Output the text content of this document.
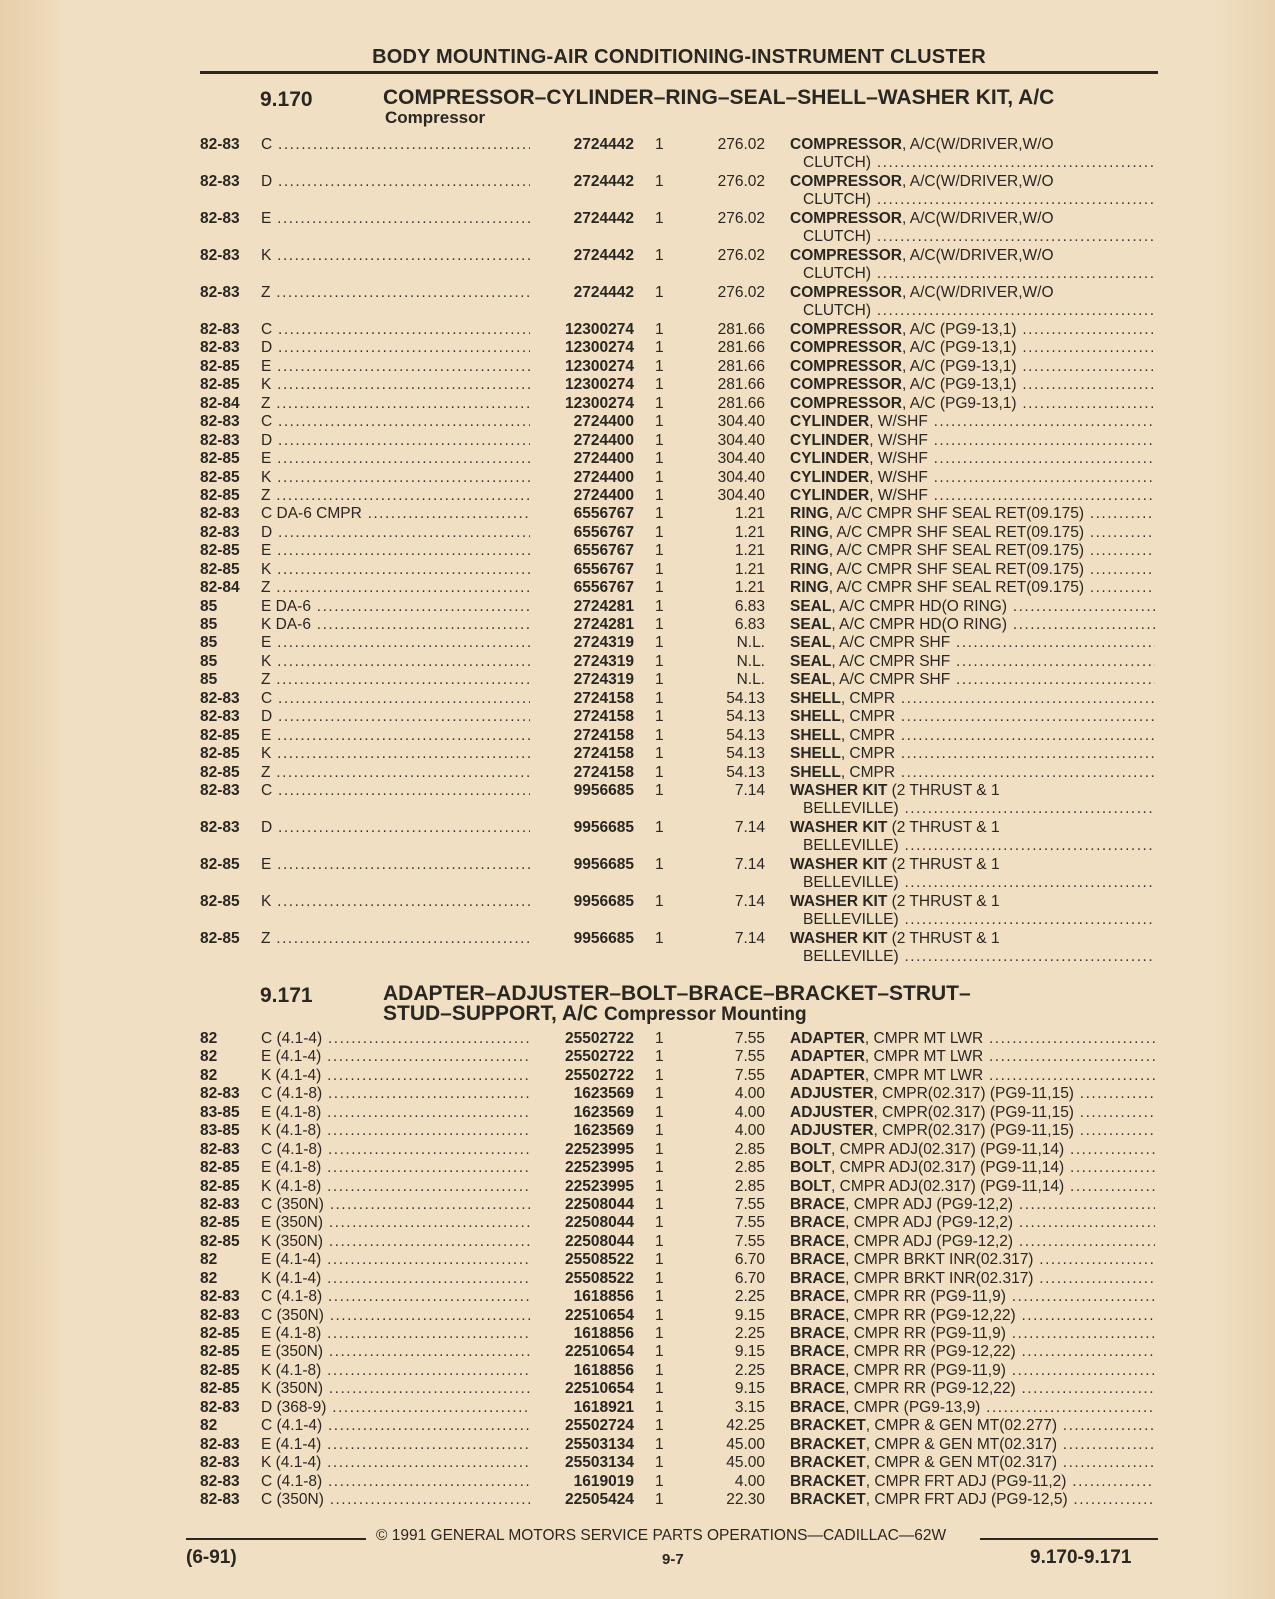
BODY MOUNTING-AIR CONDITIONING-INSTRUMENT CLUSTER
9.170	COMPRESSOR–CYLINDER–RING–SEAL–SHELL–WASHER KIT, A/C
Compressor
82-83 C .....	2724442 1	276.02 COMPRESSOR, A/C(W/DRIVER,W/O
CLUTCH) .....
82-83 D .....	2724442 1	276.02 COMPRESSOR, A/C(W/DRIVER,W/O
CLUTCH) .....
82-83 E .....	2724442 1	276.02 COMPRESSOR, A/C(W/DRIVER,W/O
CLUTCH) .....
82-83 K .....	2724442 1	276.02 COMPRESSOR, A/C(W/DRIVER,W/O
CLUTCH) .....
82-83 Z .....	2724442 1	276.02 COMPRESSOR, A/C(W/DRIVER,W/O
CLUTCH) .....
82-83 C .....	12300274 1	281.66 COMPRESSOR, A/C (PG9-13,1) .....
82-83 D .....	12300274 1	281.66 COMPRESSOR, A/C (PG9-13,1) .....
82-85 E .....	12300274 1	281.66 COMPRESSOR, A/C (PG9-13,1) .....
82-85 K .....	12300274 1	281.66 COMPRESSOR, A/C (PG9-13,1) .....
82-84 Z .....	12300274 1	281.66 COMPRESSOR, A/C (PG9-13,1) .....
82-83 C .....	2724400 1	304.40 CYLINDER, W/SHF .....
82-83 D .....	2724400 1	304.40 CYLINDER, W/SHF .....
82-85 E .....	2724400 1	304.40 CYLINDER, W/SHF .....
82-85 K .....	2724400 1	304.40 CYLINDER, W/SHF .....
82-85 Z .....	2724400 1	304.40 CYLINDER, W/SHF .....
82-83 C DA-6 CMPR .....	6556767 1	1.21 RING, A/C CMPR SHF SEAL RET(09.175) .....
82-83 D .....	6556767 1	1.21 RING, A/C CMPR SHF SEAL RET(09.175) .....
82-85 E .....	6556767 1	1.21 RING, A/C CMPR SHF SEAL RET(09.175) .....
82-85 K .....	6556767 1	1.21 RING, A/C CMPR SHF SEAL RET(09.175) .....
82-84 Z .....	6556767 1	1.21 RING, A/C CMPR SHF SEAL RET(09.175) .....
85	E DA-6 .....	2724281 1	6.83 SEAL, A/C CMPR HD(O RING) .....
85	K DA-6 .....	2724281 1	6.83 SEAL, A/C CMPR HD(O RING) .....
85	E .....	2724319 1	N.L. SEAL, A/C CMPR SHF .....
85	K .....	2724319 1	N.L. SEAL, A/C CMPR SHF .....
85	Z .....	2724319 1	N.L. SEAL, A/C CMPR SHF .....
82-83 C .....	2724158 1	54.13 SHELL, CMPR .....
82-83 D .....	2724158 1	54.13 SHELL, CMPR .....
82-85 E .....	2724158 1	54.13 SHELL, CMPR .....
82-85 K .....	2724158 1	54.13 SHELL, CMPR .....
82-85 Z .....	2724158 1	54.13 SHELL, CMPR .....
82-83 C .....	9956685 1	7.14 WASHER KIT (2 THRUST & 1
BELLEVILLE) .....
82-83 D .....	9956685 1	7.14 WASHER KIT (2 THRUST & 1
BELLEVILLE) .....
82-85 E .....	9956685 1	7.14 WASHER KIT (2 THRUST & 1
BELLEVILLE) .....
82-85 K .....	9956685 1	7.14 WASHER KIT (2 THRUST & 1
BELLEVILLE) .....
82-85 Z .....	9956685 1	7.14 WASHER KIT (2 THRUST & 1
BELLEVILLE) .....
9.171	ADAPTER–ADJUSTER–BOLT–BRACE–BRACKET–STRUT–
STUD–SUPPORT, A/C Compressor Mounting
82	C (4.1-4) .....	25502722 1	7.55 ADAPTER, CMPR MT LWR .....
82	E (4.1-4) .....	25502722 1	7.55 ADAPTER, CMPR MT LWR .....
82	K (4.1-4) .....	25502722 1	7.55 ADAPTER, CMPR MT LWR .....
82-83 C (4.1-8) .....	1623569 1	4.00 ADJUSTER, CMPR(02.317) (PG9-11,15) .....
83-85 E (4.1-8) .....	1623569 1	4.00 ADJUSTER, CMPR(02.317) (PG9-11,15) .....
83-85 K (4.1-8) .....	1623569 1	4.00 ADJUSTER, CMPR(02.317) (PG9-11,15) .....
82-83 C (4.1-8) .....	22523995 1	2.85 BOLT, CMPR ADJ(02.317) (PG9-11,14) .....
82-85 E (4.1-8) .....	22523995 1	2.85 BOLT, CMPR ADJ(02.317) (PG9-11,14) .....
82-85 K (4.1-8) .....	22523995 1	2.85 BOLT, CMPR ADJ(02.317) (PG9-11,14) .....
82-83 C (350N) .....	22508044 1	7.55 BRACE, CMPR ADJ (PG9-12,2) .....
82-85 E (350N) .....	22508044 1	7.55 BRACE, CMPR ADJ (PG9-12,2) .....
82-85 K (350N) .....	22508044 1	7.55 BRACE, CMPR ADJ (PG9-12,2) .....
82	E (4.1-4) .....	25508522 1	6.70 BRACE, CMPR BRKT INR(02.317) .....
82	K (4.1-4) .....	25508522 1	6.70 BRACE, CMPR BRKT INR(02.317) .....
82-83 C (4.1-8) .....	1618856 1	2.25 BRACE, CMPR RR (PG9-11,9) .....
82-83 C (350N) .....	22510654 1	9.15 BRACE, CMPR RR (PG9-12,22) .....
82-85 E (4.1-8) .....	1618856 1	2.25 BRACE, CMPR RR (PG9-11,9) .....
82-85 E (350N) .....	22510654 1	9.15 BRACE, CMPR RR (PG9-12,22) .....
82-85 K (4.1-8) .....	1618856 1	2.25 BRACE, CMPR RR (PG9-11,9) .....
82-85 K (350N) .....	22510654 1	9.15 BRACE, CMPR RR (PG9-12,22) .....
82-83 D (368-9) .....	1618921 1	3.15 BRACE, CMPR (PG9-13,9) .....
82	C (4.1-4) .....	25502724 1	42.25 BRACKET, CMPR & GEN MT(02.277) .....
82-83 E (4.1-4) .....	25503134 1	45.00 BRACKET, CMPR & GEN MT(02.317) .....
82-83 K (4.1-4) .....	25503134 1	45.00 BRACKET, CMPR & GEN MT(02.317) .....
82-83 C (4.1-8) .....	1619019 1	4.00 BRACKET, CMPR FRT ADJ (PG9-11,2) .....
82-83 C (350N) .....	22505424 1	22.30 BRACKET, CMPR FRT ADJ (PG9-12,5) .....
© 1991 GENERAL MOTORS SERVICE PARTS OPERATIONS—CADILLAC—62W
(6-91)	9-7	9.170-9.171
